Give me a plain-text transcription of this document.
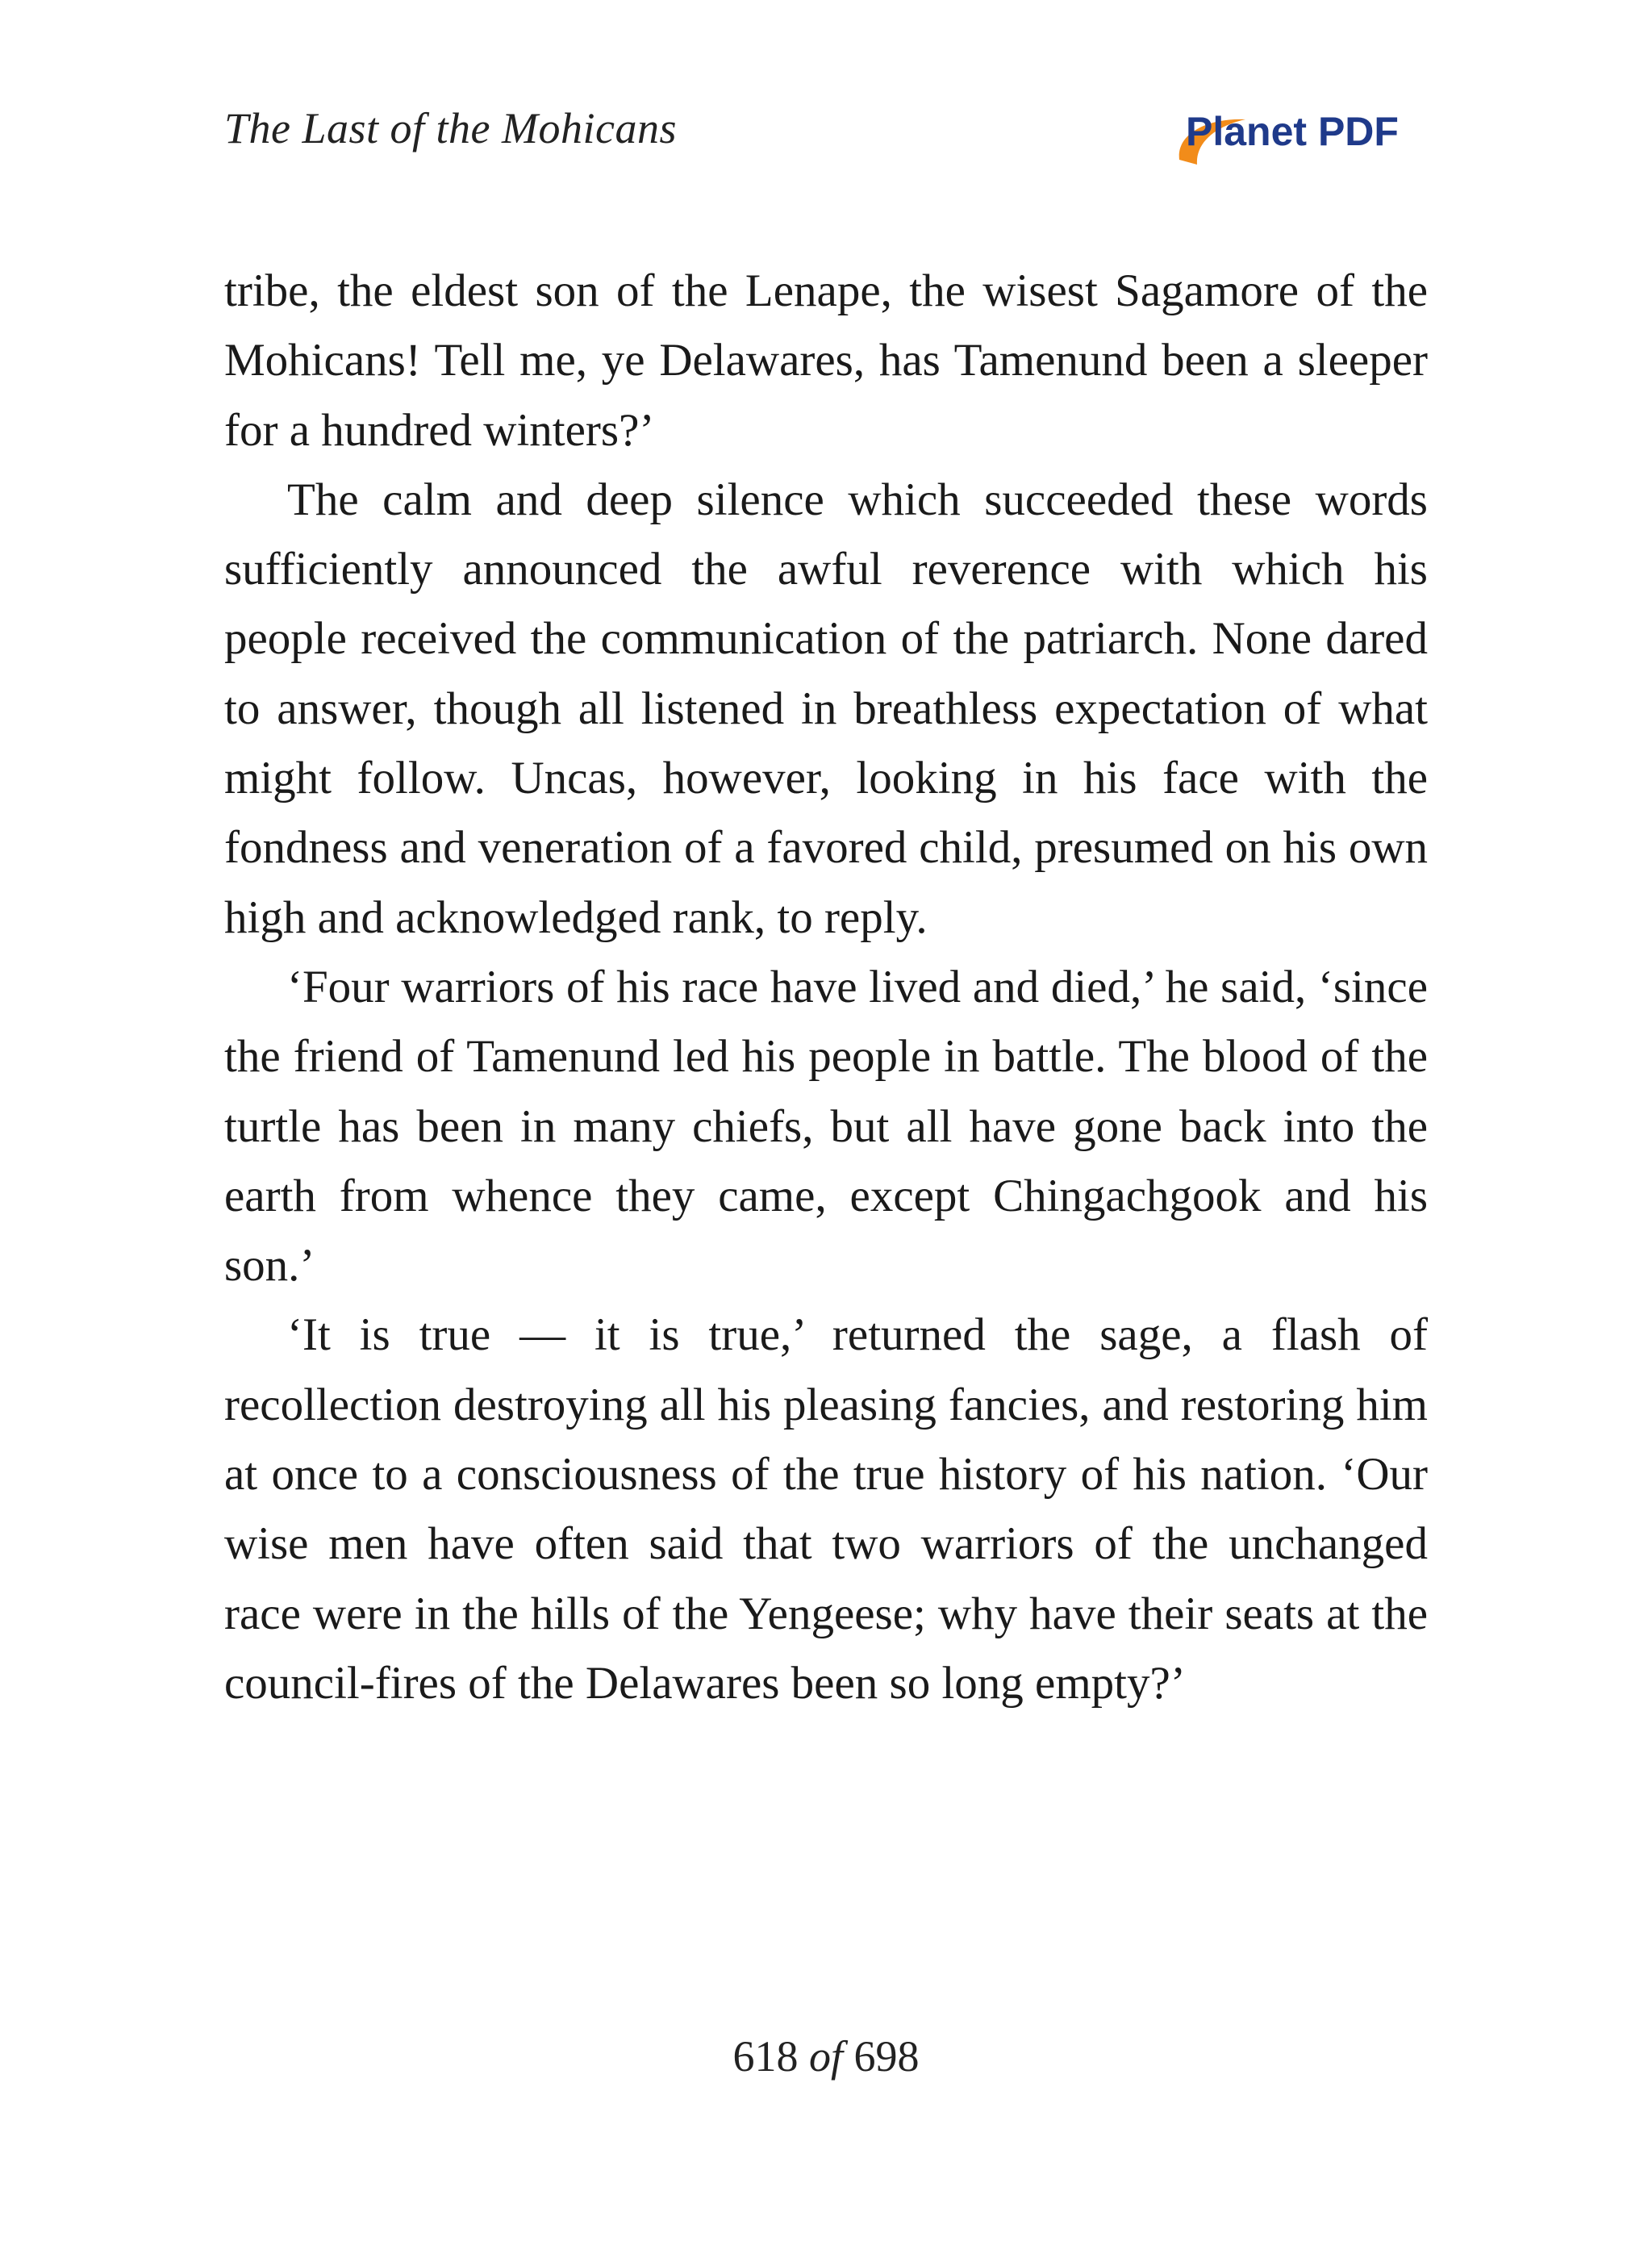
The Last of the Mohicans	Planet PDF

tribe, the eldest son of the Lenape, the wisest Sagamore of the Mohicans! Tell me, ye Delawares, has Tamenund been a sleeper for a hundred winters?’

The calm and deep silence which succeeded these words sufficiently announced the awful reverence with which his people received the communication of the patriarch. None dared to answer, though all listened in breathless expectation of what might follow. Uncas, however, looking in his face with the fondness and veneration of a favored child, presumed on his own high and acknowledged rank, to reply.

‘Four warriors of his race have lived and died,’ he said, ‘since the friend of Tamenund led his people in battle. The blood of the turtle has been in many chiefs, but all have gone back into the earth from whence they came, except Chingachgook and his son.’

‘It is true — it is true,’ returned the sage, a flash of recollection destroying all his pleasing fancies, and restoring him at once to a consciousness of the true history of his nation. ‘Our wise men have often said that two warriors of the unchanged race were in the hills of the Yengeese; why have their seats at the council-fires of the Delawares been so long empty?’

618 of 698
